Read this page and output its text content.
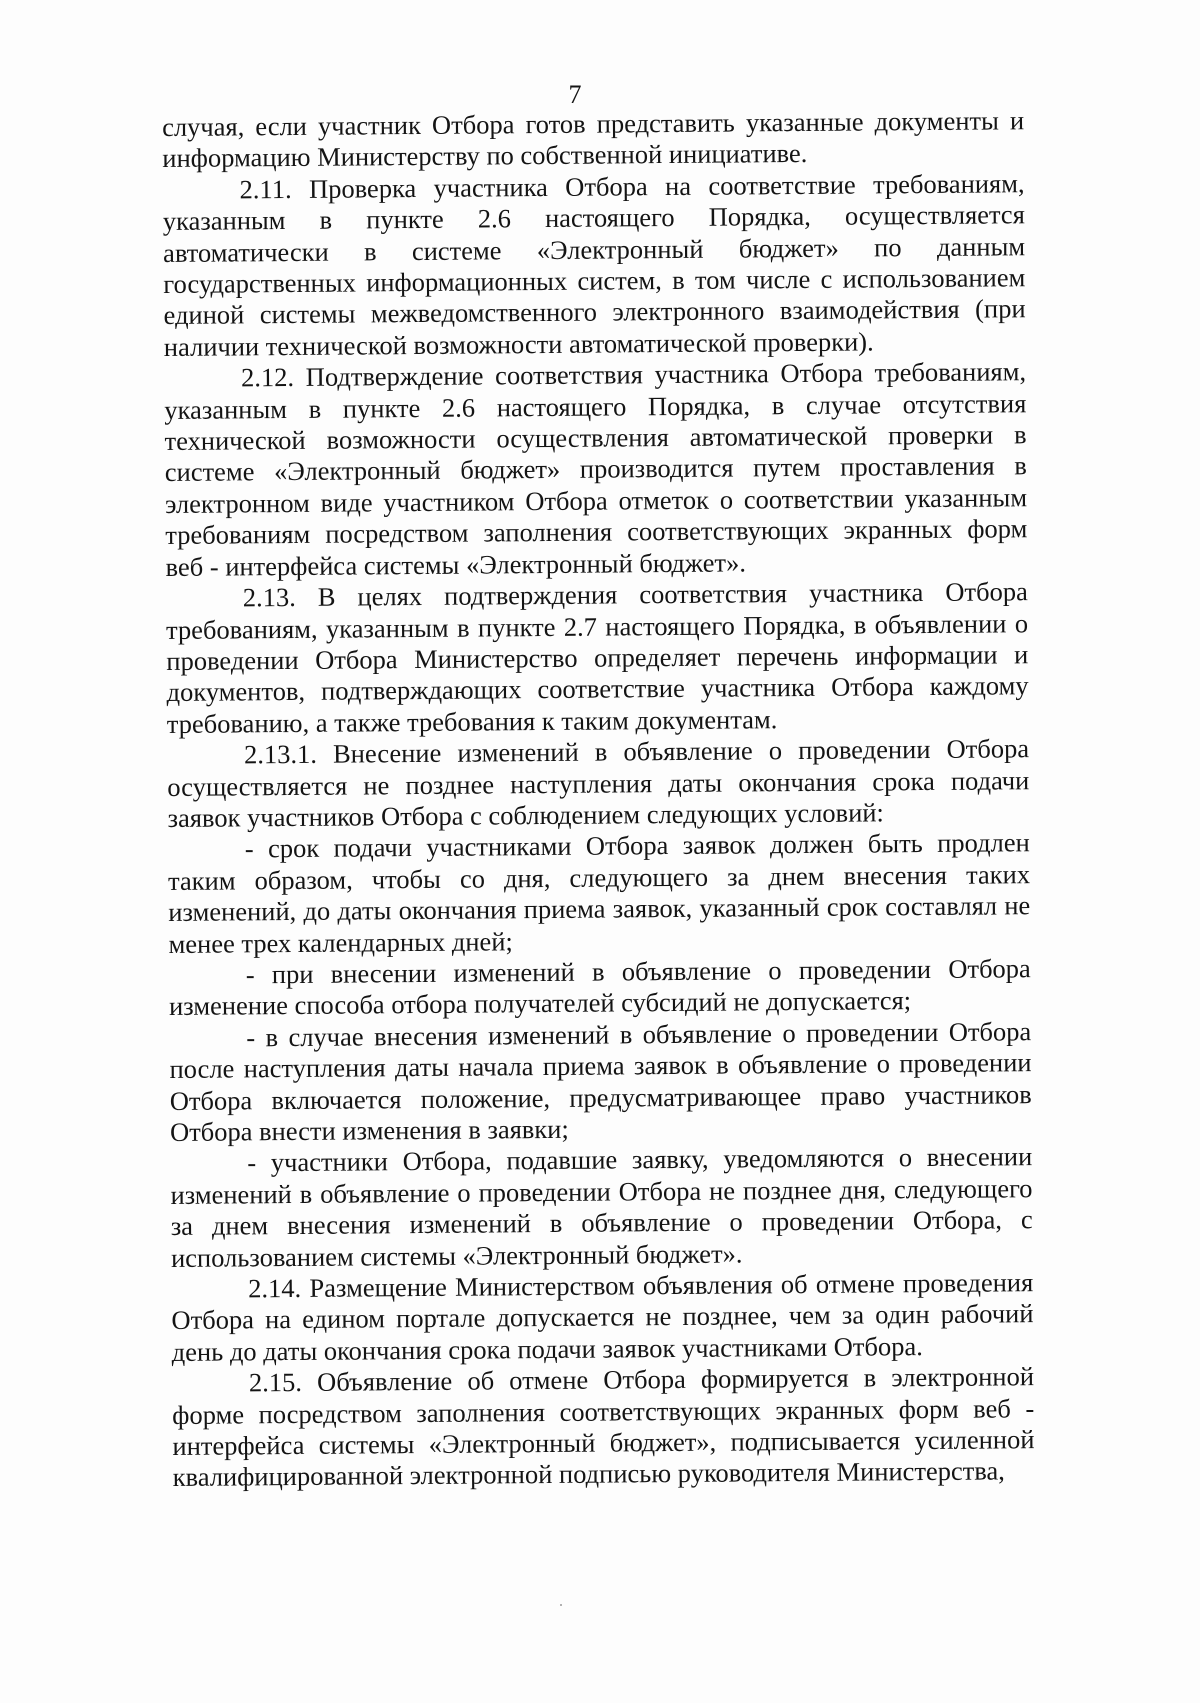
7

случая, если участник Отбора готов представить указанные документы и информацию Министерству по собственной инициативе.

2.11. Проверка участника Отбора на соответствие требованиям, указанным в пункте 2.6 настоящего Порядка, осуществляется автоматически в системе «Электронный бюджет» по данным государственных информационных систем, в том числе с использованием единой системы межведомственного электронного взаимодействия (при наличии технической возможности автоматической проверки).

2.12. Подтверждение соответствия участника Отбора требованиям, указанным в пункте 2.6 настоящего Порядка, в случае отсутствия технической возможности осуществления автоматической проверки в системе «Электронный бюджет» производится путем проставления в электронном виде участником Отбора отметок о соответствии указанным требованиям посредством заполнения соответствующих экранных форм веб - интерфейса системы «Электронный бюджет».

2.13. В целях подтверждения соответствия участника Отбора требованиям, указанным в пункте 2.7 настоящего Порядка, в объявлении о проведении Отбора Министерство определяет перечень информации и документов, подтверждающих соответствие участника Отбора каждому требованию, а также требования к таким документам.

2.13.1. Внесение изменений в объявление о проведении Отбора осуществляется не позднее наступления даты окончания срока подачи заявок участников Отбора с соблюдением следующих условий:

- срок подачи участниками Отбора заявок должен быть продлен таким образом, чтобы со дня, следующего за днем внесения таких изменений, до даты окончания приема заявок, указанный срок составлял не менее трех календарных дней;

- при внесении изменений в объявление о проведении Отбора изменение способа отбора получателей субсидий не допускается;

- в случае внесения изменений в объявление о проведении Отбора после наступления даты начала приема заявок в объявление о проведении Отбора включается положение, предусматривающее право участников Отбора внести изменения в заявки;

- участники Отбора, подавшие заявку, уведомляются о внесении изменений в объявление о проведении Отбора не позднее дня, следующего за днем внесения изменений в объявление о проведении Отбора, с использованием системы «Электронный бюджет».

2.14. Размещение Министерством объявления об отмене проведения Отбора на едином портале допускается не позднее, чем за один рабочий день до даты окончания срока подачи заявок участниками Отбора.

2.15. Объявление об отмене Отбора формируется в электронной форме посредством заполнения соответствующих экранных форм веб - интерфейса системы «Электронный бюджет», подписывается усиленной квалифицированной электронной подписью руководителя Министерства,
